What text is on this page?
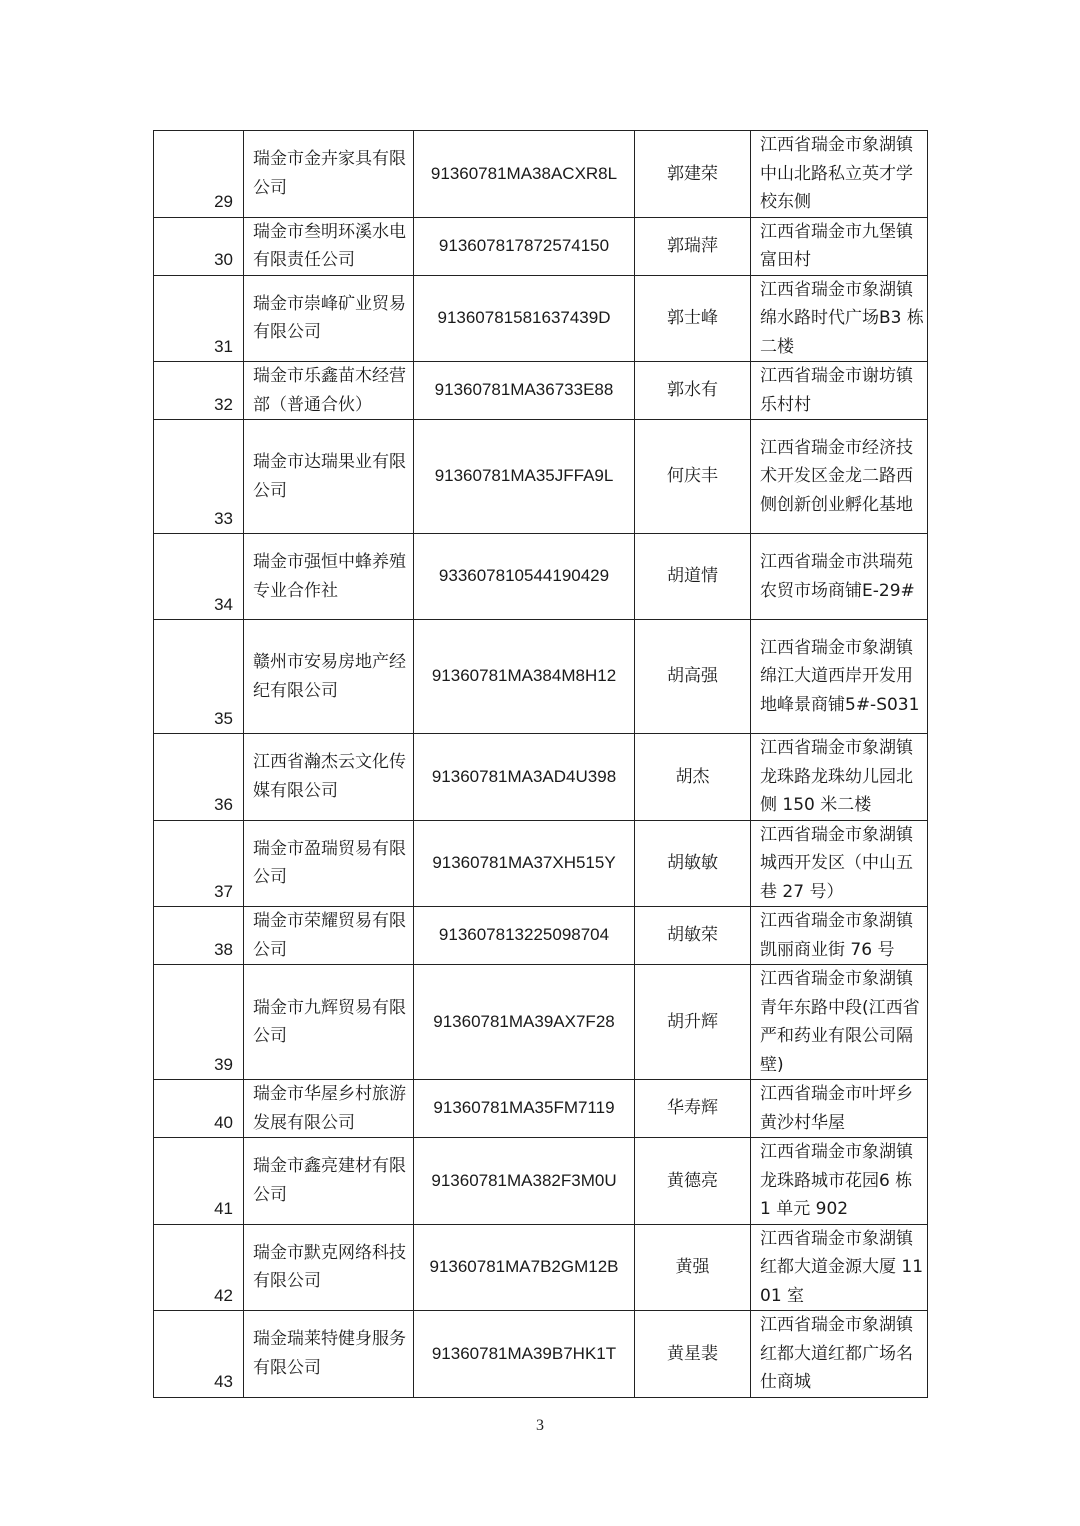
29	瑞金市金卉家具有限公司	91360781MA38ACXR8L	郭建荣	江西省瑞金市象湖镇中山北路私立英才学校东侧
30	瑞金市叁明环溪水电有限责任公司	913607817872574150	郭瑞萍	江西省瑞金市九堡镇富田村
31	瑞金市崇峰矿业贸易有限公司	91360781581637439D	郭士峰	江西省瑞金市象湖镇绵水路时代广场B3 栋二楼
32	瑞金市乐鑫苗木经营部（普通合伙）	91360781MA36733E88	郭水有	江西省瑞金市谢坊镇乐村村
33	瑞金市达瑞果业有限公司	91360781MA35JFFA9L	何庆丰	江西省瑞金市经济技术开发区金龙二路西侧创新创业孵化基地
34	瑞金市强恒中蜂养殖专业合作社	933607810544190429	胡道情	江西省瑞金市洪瑞苑农贸市场商铺E-29#
35	赣州市安易房地产经纪有限公司	91360781MA384M8H12	胡高强	江西省瑞金市象湖镇绵江大道西岸开发用地峰景商铺5#-S031
36	江西省瀚杰云文化传媒有限公司	91360781MA3AD4U398	胡杰	江西省瑞金市象湖镇龙珠路龙珠幼儿园北侧 150 米二楼
37	瑞金市盈瑞贸易有限公司	91360781MA37XH515Y	胡敏敏	江西省瑞金市象湖镇城西开发区（中山五巷 27 号）
38	瑞金市荣耀贸易有限公司	913607813225098704	胡敏荣	江西省瑞金市象湖镇凯丽商业街 76 号
39	瑞金市九辉贸易有限公司	91360781MA39AX7F28	胡升辉	江西省瑞金市象湖镇青年东路中段(江西省严和药业有限公司隔壁)
40	瑞金市华屋乡村旅游发展有限公司	91360781MA35FM7119	华寿辉	江西省瑞金市叶坪乡黄沙村华屋
41	瑞金市鑫亮建材有限公司	91360781MA382F3M0U	黄德亮	江西省瑞金市象湖镇龙珠路城市花园6 栋 1 单元 902
42	瑞金市默克网络科技有限公司	91360781MA7B2GM12B	黄强	江西省瑞金市象湖镇红都大道金源大厦 1101 室
43	瑞金瑞莱特健身服务有限公司	91360781MA39B7HK1T	黄星裴	江西省瑞金市象湖镇红都大道红都广场名仕商城
3
